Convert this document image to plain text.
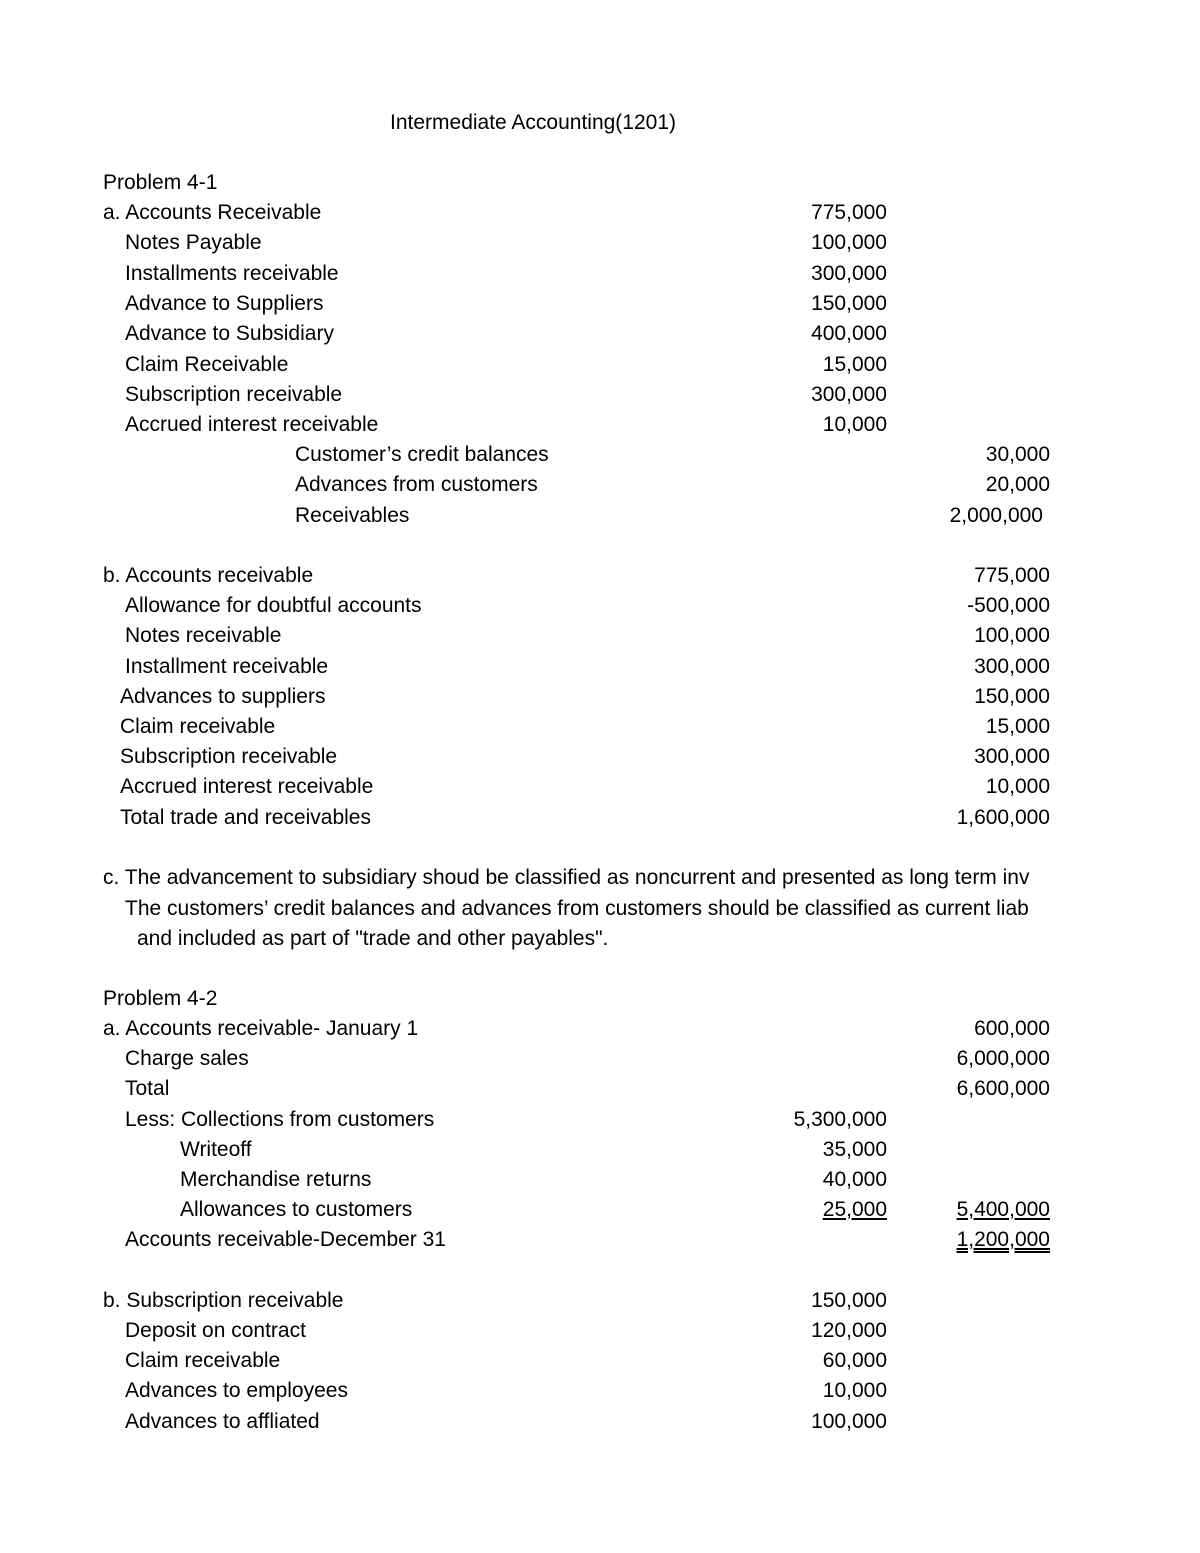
Intermediate Accounting(1201)
Problem 4-1
a. Accounts Receivable	775,000
Notes Payable	100,000
Installments receivable	300,000
Advance to Suppliers	150,000
Advance to Subsidiary	400,000
Claim Receivable	15,000
Subscription receivable	300,000
Accrued interest receivable	10,000
Customer’s credit balances	30,000
Advances from customers	20,000
Receivables	2,000,000
b. Accounts receivable	775,000
Allowance for doubtful accounts	-500,000
Notes receivable	100,000
Installment receivable	300,000
Advances to suppliers	150,000
Claim receivable	15,000
Subscription receivable	300,000
Accrued interest receivable	10,000
Total trade and receivables	1,600,000
c. The advancement to subsidiary shoud be classified as noncurrent and presented as long term inv
The customers’ credit balances and advances from customers should be classified as current liab
and included as part of "trade and other payables".
Problem 4-2
a. Accounts receivable- January 1	600,000
Charge sales	6,000,000
Total	6,600,000
Less: Collections from customers	5,300,000
Writeoff	35,000
Merchandise returns	40,000
Allowances to customers	25,000	5,400,000
Accounts receivable-December 31	1,200,000
b. Subscription receivable	150,000
Deposit on contract	120,000
Claim receivable	60,000
Advances to employees	10,000
Advances to affliated	100,000
